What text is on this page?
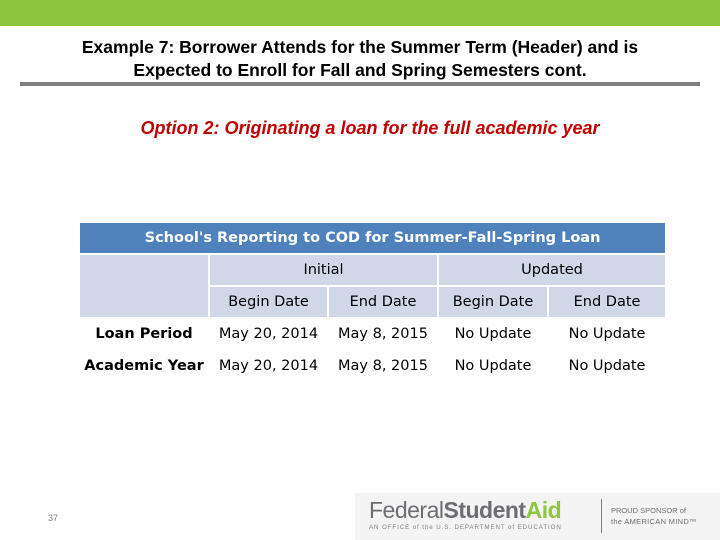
Example 7: Borrower Attends for the Summer Term (Header) and is
Expected to Enroll for Fall and Spring Semesters cont.
Option 2: Originating a loan for the full academic year
School's Reporting to COD for Summer-Fall-Spring Loan				
	Initial		Updated	
	Begin Date	End Date	Begin Date	End Date
Loan Period	May 20, 2014	May 8, 2015	No Update	No Update
Academic Year	May 20, 2014	May 8, 2015	No Update	No Update
37	FederalStudentAid
AN OFFICE of the U.S. DEPARTMENT of EDUCATION
PROUD SPONSOR of
the AMERICAN MIND™
